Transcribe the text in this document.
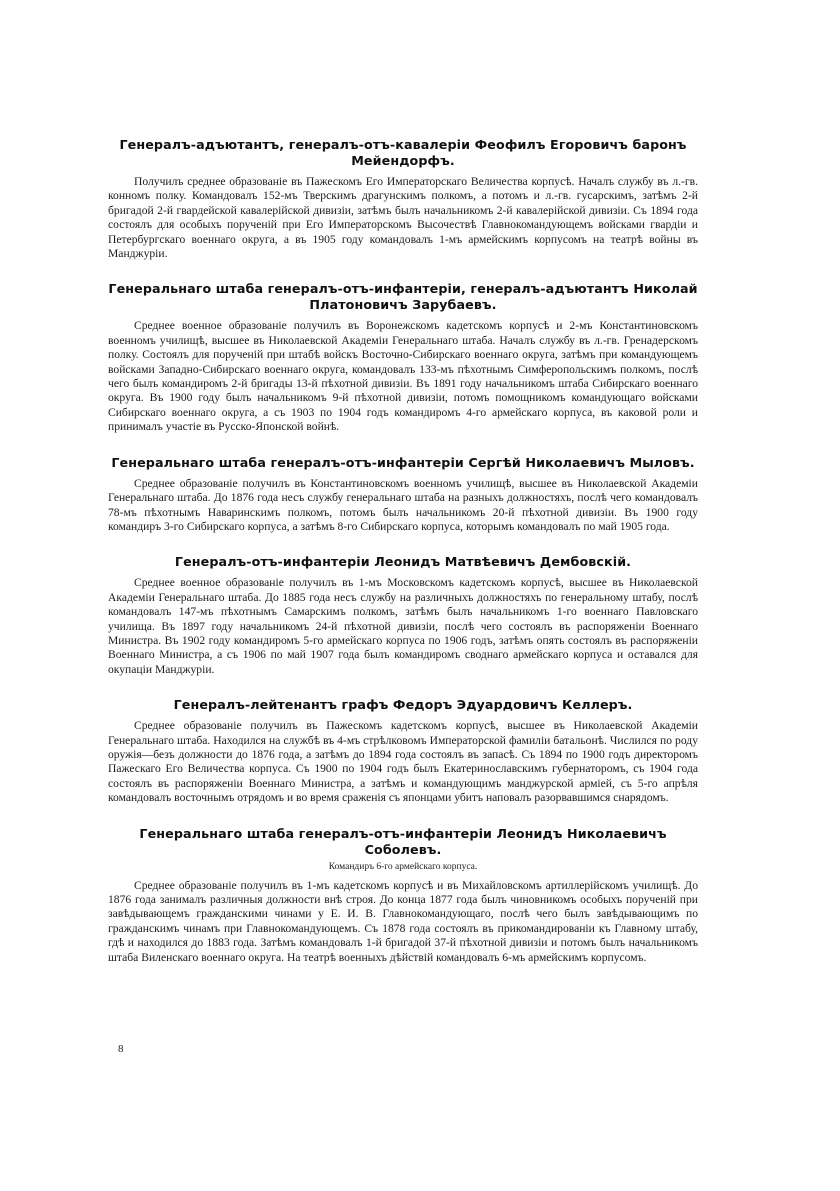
Генералъ-адъютантъ, генералъ-отъ-кавалерiи Феофилъ Егоровичъ баронъ Мейендорфъ.

Получилъ среднее образованiе въ Пажескомъ Его Императорскаго Величества корпусѣ. Началъ службу въ л.-гв. конномъ полку. Командовалъ 152-мъ Тверскимъ драгунскимъ полкомъ, а потомъ и л.-гв. гусарскимъ, затѣмъ 2-й бригадой 2-й гвардейской кавалерiйской дивизiи, затѣмъ былъ начальникомъ 2-й кавалерiйской дивизiи. Съ 1894 года состоялъ для особыхъ порученiй при Его Императорскомъ Высочествѣ Главнокомандующемъ войсками гвардiи и Петербургскаго военнаго округа, а въ 1905 году командовалъ 1-мъ армейскимъ корпусомъ на театрѣ войны въ Манджурiи.

Генеральнаго штаба генералъ-отъ-инфантерiи, генералъ-адъютантъ Николай Платоновичъ Зарубаевъ.

Среднее военное образованiе получилъ въ Воронежскомъ кадетскомъ корпусѣ и 2-мъ Константиновскомъ военномъ училищѣ, высшее въ Николаевской Академiи Генеральнаго штаба. Началъ службу въ л.-гв. Гренадерскомъ полку. Состоялъ для порученiй при штабѣ войскъ Восточно-Сибирскаго военнаго округа, затѣмъ при командующемъ войсками Западно-Сибирскаго военнаго округа, командовалъ 133-мъ пѣхотнымъ Симферопольскимъ полкомъ, послѣ чего былъ командиромъ 2-й бригады 13-й пѣхотной дивизiи. Въ 1891 году начальникомъ штаба Сибирскаго военнаго округа. Въ 1900 году былъ начальникомъ 9-й пѣхотной дивизiи, потомъ помощникомъ командующаго войсками Сибирскаго военнаго округа, а съ 1903 по 1904 годъ командиромъ 4-го армейскаго корпуса, въ каковой роли и принималъ участiе въ Русско-Японской войнѣ.

Генеральнаго штаба генералъ-отъ-инфантерiи Сергѣй Николаевичъ Мыловъ.

Среднее образованiе получилъ въ Константиновскомъ военномъ училищѣ, высшее въ Николаевской Академiи Генеральнаго штаба. До 1876 года несъ службу генеральнаго штаба на разныхъ должностяхъ, послѣ чего командовалъ 78-мъ пѣхотнымъ Наваринскимъ полкомъ, потомъ былъ начальникомъ 20-й пѣхотной дивизiи. Въ 1900 году командиръ 3-го Сибирскаго корпуса, а затѣмъ 8-го Сибирскаго корпуса, которымъ командовалъ по май 1905 года.

Генералъ-отъ-инфантерiи Леонидъ Матвѣевичъ Дембовскiй.

Среднее военное образованiе получилъ въ 1-мъ Московскомъ кадетскомъ корпусѣ, высшее въ Николаевской Академiи Генеральнаго штаба. До 1885 года несъ службу на различныхъ должностяхъ по генеральному штабу, послѣ командовалъ 147-мъ пѣхотнымъ Самарскимъ полкомъ, затѣмъ былъ начальникомъ 1-го военнаго Павловскаго училища. Въ 1897 году начальникомъ 24-й пѣхотной дивизiи, послѣ чего состоялъ въ распоряженiи Военнаго Министра. Въ 1902 году командиромъ 5-го армейскаго корпуса по 1906 годъ, затѣмъ опять состоялъ въ распоряженiи Военнаго Министра, а съ 1906 по май 1907 года былъ командиромъ своднаго армейскаго корпуса и оставался для окупацiи Манджурiи.

Генералъ-лейтенантъ графъ Федоръ Эдуардовичъ Келлеръ.

Среднее образованiе получилъ въ Пажескомъ кадетскомъ корпусѣ, высшее въ Николаевской Академiи Генеральнаго штаба. Находился на службѣ въ 4-мъ стрѣлковомъ Императорской фамилiи батальонѣ. Числился по роду оружiя—безъ должности до 1876 года, а затѣмъ до 1894 года состоялъ въ запасѣ. Съ 1894 по 1900 годъ директоромъ Пажескаго Его Величества корпуса. Съ 1900 по 1904 годъ былъ Екатеринославскимъ губернаторомъ, съ 1904 года состоялъ въ распоряженiи Военнаго Министра, а затѣмъ и командующимъ манджурской армiей, съ 5-го апрѣля командовалъ восточнымъ отрядомъ и во время сраженiя съ японцами убитъ наповалъ разорвавшимся снарядомъ.

Генеральнаго штаба генералъ-отъ-инфантерiи Леонидъ Николаевичъ Соболевъ.
Командиръ 6-го армейскаго корпуса.

Среднее образованiе получилъ въ 1-мъ кадетскомъ корпусѣ и въ Михайловскомъ артиллерiйскомъ училищѣ. До 1876 года занималъ различныя должности внѣ строя. До конца 1877 года былъ чиновникомъ особыхъ порученiй при завѣдывающемъ гражданскими чинами у Е. И. В. Главнокомандующаго, послѣ чего былъ завѣдывающимъ по гражданскимъ чинамъ при Главнокомандующемъ. Съ 1878 года состоялъ въ прикомандированiи къ Главному штабу, гдѣ и находился до 1883 года. Затѣмъ командовалъ 1-й бригадой 37-й пѣхотной дивизiи и потомъ былъ начальникомъ штаба Виленскаго военнаго округа. На театрѣ военныхъ дѣйствiй командовалъ 6-мъ армейскимъ корпусомъ.

8
